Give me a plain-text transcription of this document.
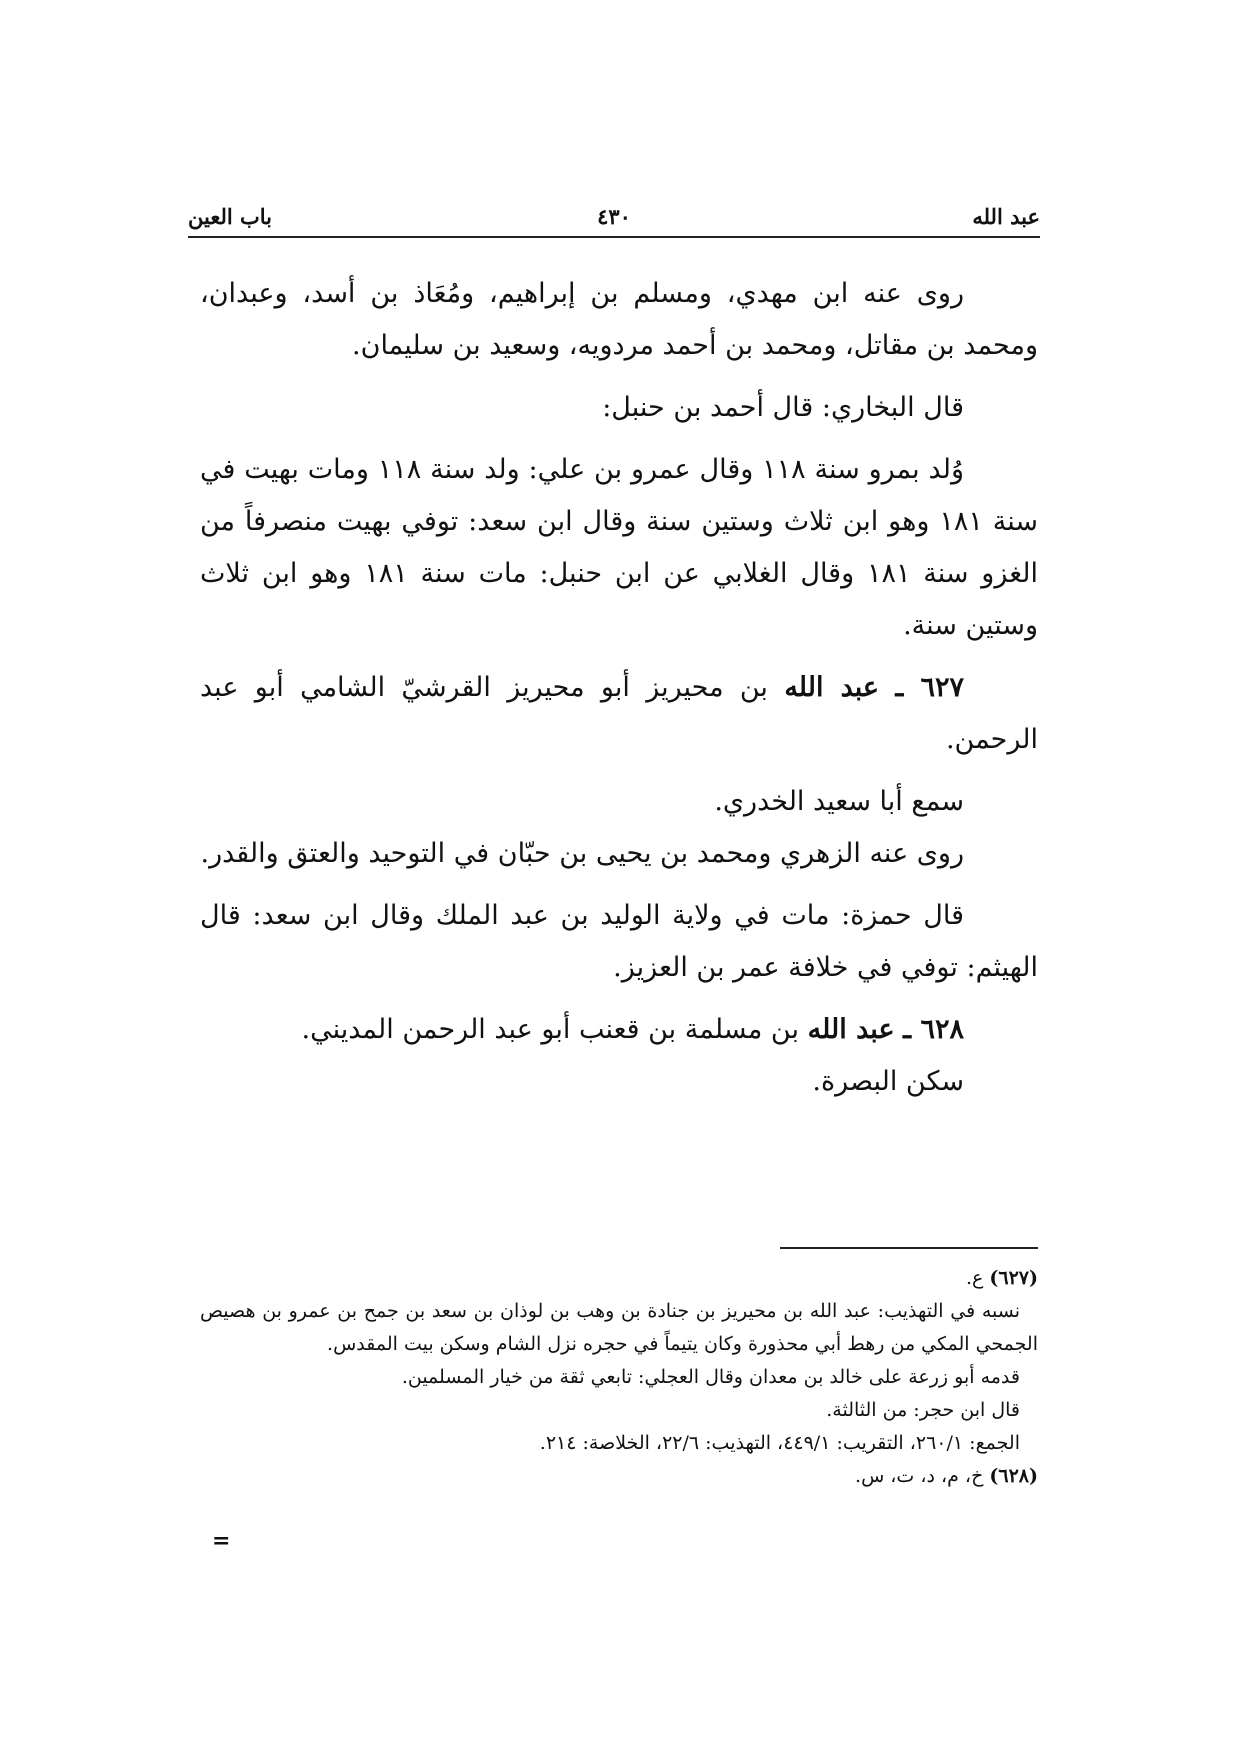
عبد الله
٤٣٠
باب العين

روى عنه ابن مهدي، ومسلم بن إبراهيم، ومُعَاذ بن أسد، وعبدان، ومحمد بن مقاتل، ومحمد بن أحمد مردويه، وسعيد بن سليمان.

قال البخاري: قال أحمد بن حنبل:

وُلد بمرو سنة ١١٨ وقال عمرو بن علي: ولد سنة ١١٨ ومات بهيت في سنة ١٨١ وهو ابن ثلاث وستين سنة وقال ابن سعد: توفي بهيت منصرفاً من الغزو سنة ١٨١ وقال الغلابي عن ابن حنبل: مات سنة ١٨١ وهو ابن ثلاث وستين سنة.

٦٢٧ ـ عبد الله بن محيريز أبو محيريز القرشيّ الشامي أبو عبد الرحمن.

سمع أبا سعيد الخدري.

روى عنه الزهري ومحمد بن يحيى بن حبّان في التوحيد والعتق والقدر.

قال حمزة: مات في ولاية الوليد بن عبد الملك وقال ابن سعد: قال الهيثم: توفي في خلافة عمر بن العزيز.

٦٢٨ ـ عبد الله بن مسلمة بن قعنب أبو عبد الرحمن المديني.

سكن البصرة.

(٦٢٧) ع.

نسبه في التهذيب: عبد الله بن محيريز بن جنادة بن وهب بن لوذان بن سعد بن جمح بن عمرو بن هصيص الجمحي المكي من رهط أبي محذورة وكان يتيماً في حجره نزل الشام وسكن بيت المقدس.

قدمه أبو زرعة على خالد بن معدان وقال العجلي: تابعي ثقة من خيار المسلمين.

قال ابن حجر: من الثالثة.

الجمع: ٢٦٠/١، التقريب: ٤٤٩/١، التهذيب: ٢٢/٦، الخلاصة: ٢١٤.

(٦٢٨) خ، م، د، ت، س.

=
